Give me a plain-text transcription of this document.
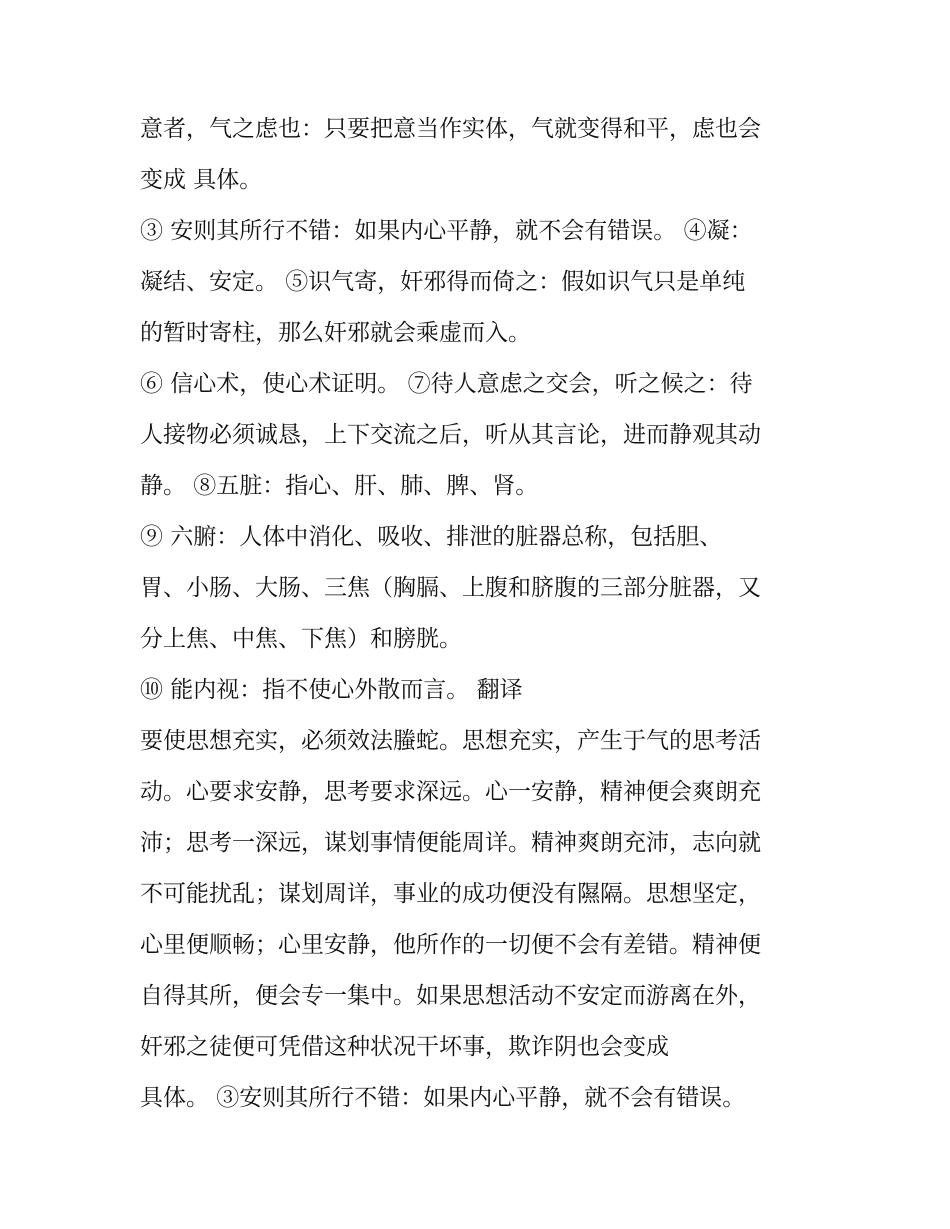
意者，气之虑也：只要把意当作实体，气就变得和平，虑也会
变成 具体。
③ 安则其所行不错：如果内心平静，就不会有错误。 ④凝：
凝结、安定。 ⑤识气寄，奸邪得而倚之：假如识气只是单纯
的暂时寄柱，那么奸邪就会乘虚而入。
⑥ 信心术，使心术证明。 ⑦待人意虑之交会，听之候之：待
人接物必须诚恳，上下交流之后，听从其言论，进而静观其动
静。 ⑧五脏：指心、肝、肺、脾、肾。
⑨ 六腑：人体中消化、吸收、排泄的脏器总称，包括胆、
胃、小肠、大肠、三焦（胸膈、上腹和脐腹的三部分脏器，又
分上焦、中焦、下焦）和膀胱。
⑩ 能内视：指不使心外散而言。 翻译
要使思想充实，必须效法螣蛇。思想充实，产生于气的思考活
动。心要求安静，思考要求深远。心一安静，精神便会爽朗充
沛；思考一深远，谋划事情便能周详。精神爽朗充沛，志向就
不可能扰乱；谋划周详，事业的成功便没有隰隔。思想坚定，
心里便顺畅；心里安静，他所作的一切便不会有差错。精神便
自得其所，便会专一集中。如果思想活动不安定而游离在外，
奸邪之徒便可凭借这种状况干坏事，欺诈阴也会变成
具体。 ③安则其所行不错：如果内心平静，就不会有错误。
